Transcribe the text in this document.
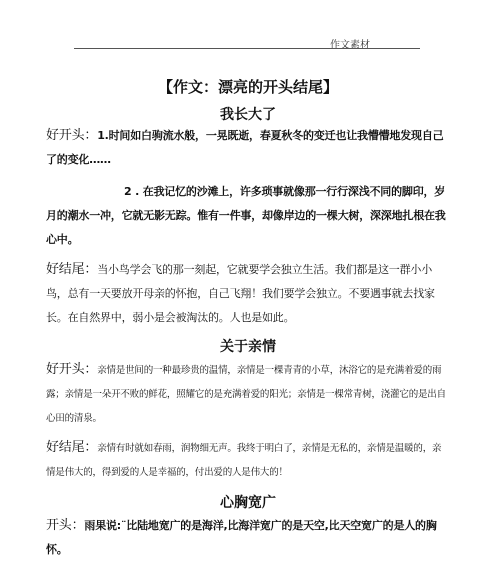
作文素材
【作文：漂亮的开头结尾】
我长大了
好开头：1.时间如白驹流水般，一晃既逝，春夏秋冬的变迁也让我懵懵地发现自己了的变化……
2 . 在我记忆的沙滩上，许多琐事就像那一行行深浅不同的脚印，岁月的潮水一冲，它就无影无踪。惟有一件事，却像岸边的一棵大树，深深地扎根在我心中。
好结尾：当小鸟学会飞的那一刻起，它就要学会独立生活。我们都是这一群小小鸟，总有一天要放开母亲的怀抱，自己飞翔！我们要学会独立。不要遇事就去找家长。在自然界中，弱小是会被淘汰的。人也是如此。
关于亲情
好开头：亲情是世间的一种最珍贵的温情，亲情是一棵青青的小草，沐浴它的是充满着爱的雨露；亲情是一朵开不败的鲜花，照耀它的是充满着爱的阳光；亲情是一棵常青树，浇灌它的是出自心田的清泉。
好结尾：亲情有时就如春雨，润物细无声。我终于明白了，亲情是无私的，亲情是温暖的，亲情是伟大的，得到爱的人是幸福的，付出爱的人是伟大的！
心胸宽广
开头：雨果说:¨比陆地宽广的是海洋,比海洋宽广的是天空,比天空宽广的是人的胸怀。
